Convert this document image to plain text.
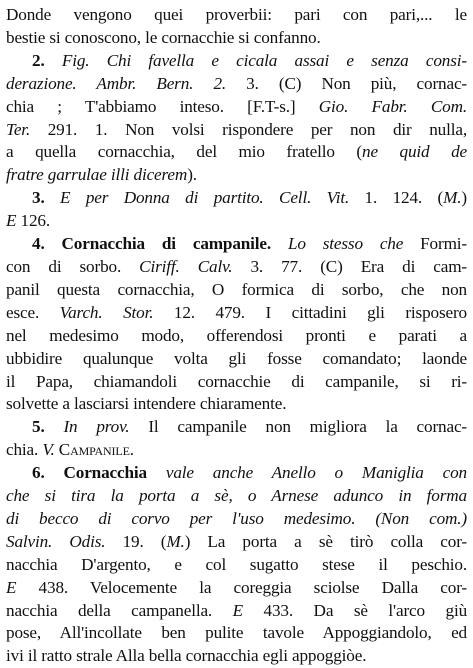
Donde vengono quei proverbii: pari con pari,... le
bestie si conoscono, le cornacchie si confanno.
2. Fig. Chi favella e cicala assai e senza consi-
derazione. Ambr. Bern. 2. 3. (C) Non più, cornac-
chia ; T'abbiamo inteso. [F.T-s.] Gio. Fabr. Com.
Ter. 291. 1. Non volsi rispondere per non dir nulla,
a quella cornacchia, del mio fratello (ne quid de
fratre garrulae illi dicerem).
3. E per Donna di partito. Cell. Vit. 1. 124. (M.)
E 126.
4. Cornacchia di campanile. Lo stesso che Formi-
con di sorbo. Ciriff. Calv. 3. 77. (C) Era di cam-
panil questa cornacchia, O formica di sorbo, che non
esce. Varch. Stor. 12. 479. I cittadini gli risposero
nel medesimo modo, offerendosi pronti e parati a
ubbidire qualunque volta gli fosse comandato; laonde
il Papa, chiamandoli cornacchie di campanile, si ri-
solvette a lasciarsi intendere chiaramente.
5. In prov. Il campanile non migliora la cornac-
chia. V. Campanile.
6. Cornacchia vale anche Anello o Maniglia con
che si tira la porta a sè, o Arnese adunco in forma
di becco di corvo per l'uso medesimo. (Non com.)
Salvin. Odis. 19. (M.) La porta a sè tirò colla cor-
nacchia D'argento, e col sugatto stese il peschio.
E 438. Velocemente la coreggia sciolse Dalla cor-
nacchia della campanella. E 433. Da sè l'arco giù
pose, All'incollate ben pulite tavole Appoggiandolo, ed
ivi il ratto strale Alla bella cornacchia egli appoggiòe.
